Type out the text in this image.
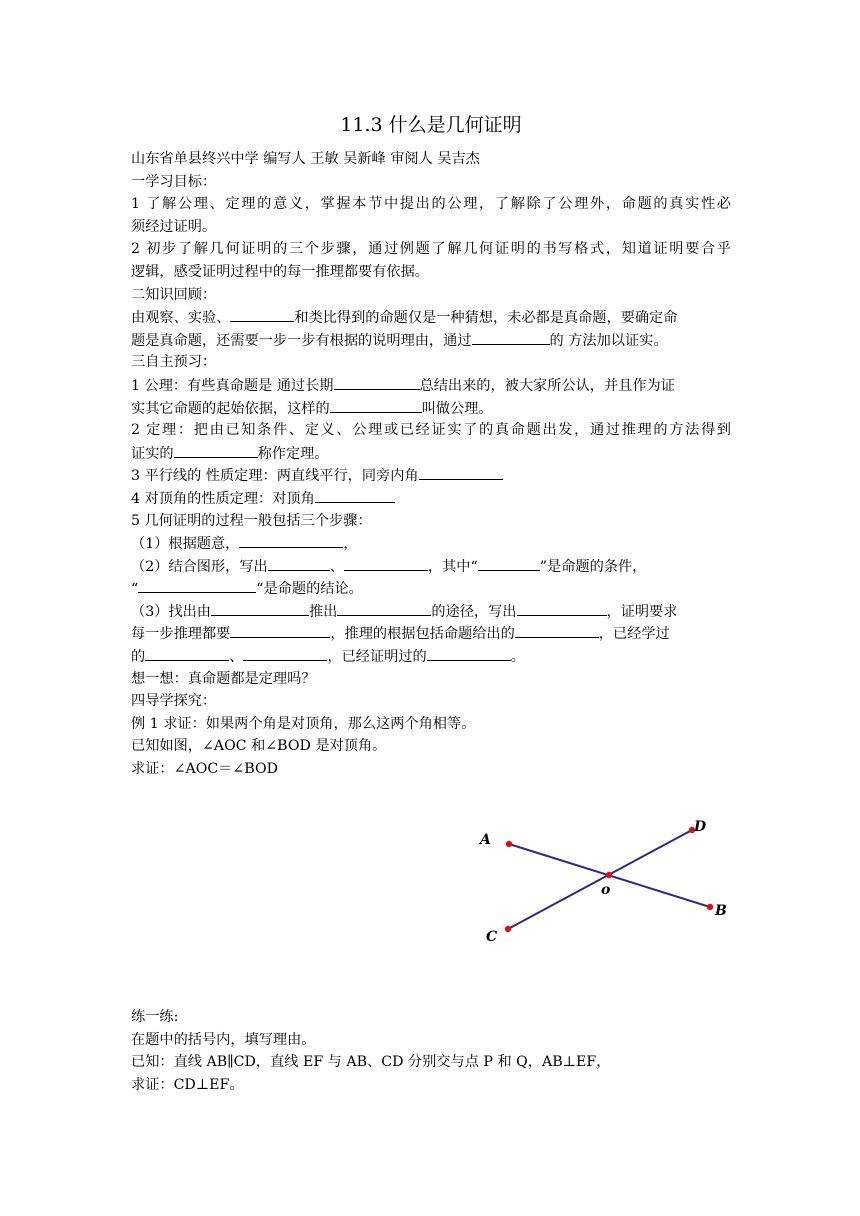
11.3 什么是几何证明
山东省单县终兴中学 编写人 王敏 吴新峰 审阅人 吴吉杰
一学习目标：
1 了解公理、定理的意义，掌握本节中提出的公理，了解除了公理外，命题的真实性必
须经过证明。
2 初步了解几何证明的三个步骤，通过例题了解几何证明的书写格式，知道证明要合乎
逻辑，感受证明过程中的每一推理都要有依据。
二知识回顾：
由观察、实验、	和类比得到的命题仅是一种猜想，未必都是真命题，要确定命
题是真命题，还需要一步一步有根据的说明理由，通过	的 方法加以证实。
三自主预习：
1 公理：有些真命题是 通过长期	总结出来的，被大家所公认，并且作为证
实其它命题的起始依据，这样的	叫做公理。
2 定理：把由已知条件、定义、公理或已经证实了的真命题出发，通过推理的方法得到
证实的	称作定理。
3 平行线的 性质定理：两直线平行，同旁内角
4 对顶角的性质定理：对顶角
5 几何证明的过程一般包括三个步骤：
（1）根据题意，	，
（2）结合图形，写出	、	，其中“	”是命题的条件，
“	“是命题的结论。
（3）找出由	推出	的途径，写出	，证明要求
每一步推理都要	，推理的根据包括命题给出的	，已经学过
的	、	，已经证明过的	。
想一想：真命题都是定理吗？
四导学探究：
例 1 求证：如果两个角是对顶角，那么这两个角相等。
已知如图，∠AOC 和∠BOD 是对顶角。
求证：∠AOC＝∠BOD
A
B
C
D
o
练一练:
在题中的括号内，填写理由。
已知：直线 AB∥CD，直线 EF 与 AB、CD 分别交与点 P 和 Q，AB⊥EF，
求证：CD⊥EF。
